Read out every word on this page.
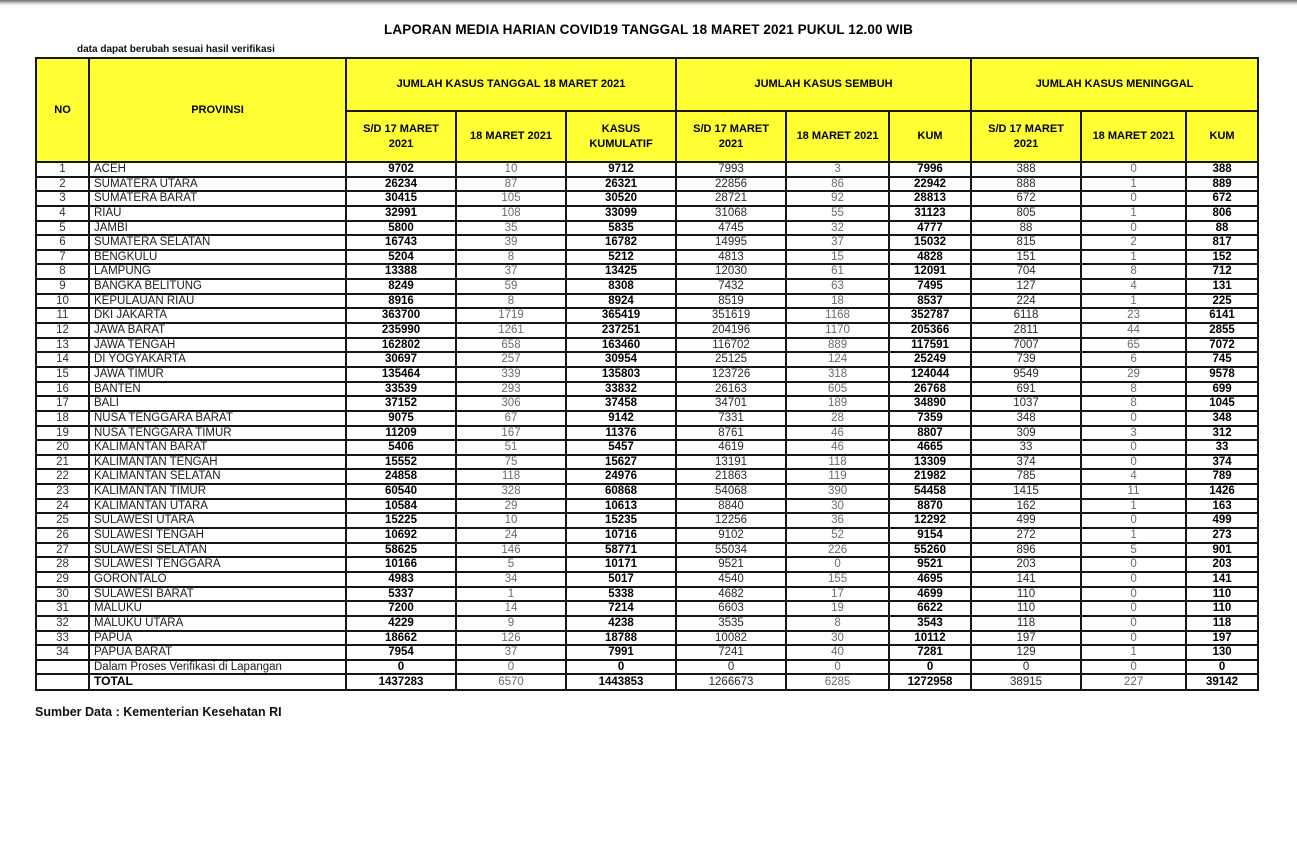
LAPORAN MEDIA HARIAN COVID19 TANGGAL 18 MARET 2021 PUKUL 12.00 WIB
data dapat berubah sesuai hasil verifikasi
NO	PROVINSI	JUMLAH KASUS TANGGAL 18 MARET 2021			JUMLAH KASUS SEMBUH			JUMLAH KASUS MENINGGAL		
		S/D 17 MARET 2021	18 MARET 2021	KASUS KUMULATIF	S/D 17 MARET 2021	18 MARET 2021	KUM	S/D 17 MARET 2021	18 MARET 2021	KUM
1	ACEH	9702	10	9712	7993	3	7996	388	0	388
2	SUMATERA UTARA	26234	87	26321	22856	86	22942	888	1	889
3	SUMATERA BARAT	30415	105	30520	28721	92	28813	672	0	672
4	RIAU	32991	108	33099	31068	55	31123	805	1	806
5	JAMBI	5800	35	5835	4745	32	4777	88	0	88
6	SUMATERA SELATAN	16743	39	16782	14995	37	15032	815	2	817
7	BENGKULU	5204	8	5212	4813	15	4828	151	1	152
8	LAMPUNG	13388	37	13425	12030	61	12091	704	8	712
9	BANGKA BELITUNG	8249	59	8308	7432	63	7495	127	4	131
10	KEPULAUAN RIAU	8916	8	8924	8519	18	8537	224	1	225
11	DKI JAKARTA	363700	1719	365419	351619	1168	352787	6118	23	6141
12	JAWA BARAT	235990	1261	237251	204196	1170	205366	2811	44	2855
13	JAWA TENGAH	162802	658	163460	116702	889	117591	7007	65	7072
14	DI YOGYAKARTA	30697	257	30954	25125	124	25249	739	6	745
15	JAWA TIMUR	135464	339	135803	123726	318	124044	9549	29	9578
16	BANTEN	33539	293	33832	26163	605	26768	691	8	699
17	BALI	37152	306	37458	34701	189	34890	1037	8	1045
18	NUSA TENGGARA BARAT	9075	67	9142	7331	28	7359	348	0	348
19	NUSA TENGGARA TIMUR	11209	167	11376	8761	46	8807	309	3	312
20	KALIMANTAN BARAT	5406	51	5457	4619	46	4665	33	0	33
21	KALIMANTAN TENGAH	15552	75	15627	13191	118	13309	374	0	374
22	KALIMANTAN SELATAN	24858	118	24976	21863	119	21982	785	4	789
23	KALIMANTAN TIMUR	60540	328	60868	54068	390	54458	1415	11	1426
24	KALIMANTAN UTARA	10584	29	10613	8840	30	8870	162	1	163
25	SULAWESI UTARA	15225	10	15235	12256	36	12292	499	0	499
26	SULAWESI TENGAH	10692	24	10716	9102	52	9154	272	1	273
27	SULAWESI SELATAN	58625	146	58771	55034	226	55260	896	5	901
28	SULAWESI TENGGARA	10166	5	10171	9521	0	9521	203	0	203
29	GORONTALO	4983	34	5017	4540	155	4695	141	0	141
30	SULAWESI BARAT	5337	1	5338	4682	17	4699	110	0	110
31	MALUKU	7200	14	7214	6603	19	6622	110	0	110
32	MALUKU UTARA	4229	9	4238	3535	8	3543	118	0	118
33	PAPUA	18662	126	18788	10082	30	10112	197	0	197
34	PAPUA BARAT	7954	37	7991	7241	40	7281	129	1	130
	Dalam Proses Verifikasi di Lapangan	0	0	0	0	0	0	0	0	0
	TOTAL	1437283	6570	1443853	1266673	6285	1272958	38915	227	39142
Sumber Data : Kementerian Kesehatan RI
